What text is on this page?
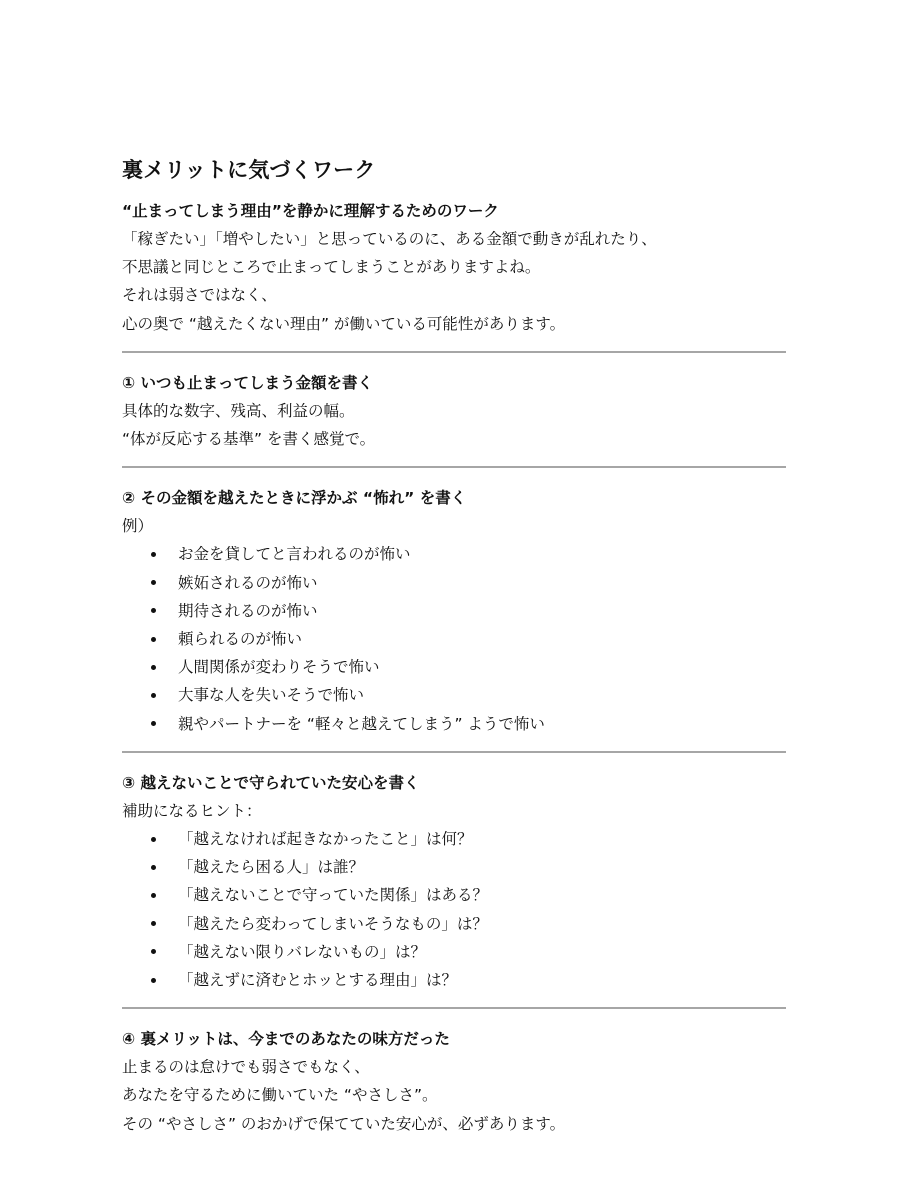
裏メリットに気づくワーク

“止まってしまう理由”を静かに理解するためのワーク

「稼ぎたい」「増やしたい」と思っているのに、ある金額で動きが乱れたり、

不思議と同じところで止まってしまうことがありますよね。

それは弱さではなく、

心の奥で “越えたくない理由” が働いている可能性があります。

① いつも止まってしまう金額を書く

具体的な数字、残高、利益の幅。

“体が反応する基準” を書く感覚で。

② その金額を越えたときに浮かぶ “怖れ” を書く

例）

お金を貸してと言われるのが怖い
嫉妬されるのが怖い
期待されるのが怖い
頼られるのが怖い
人間関係が変わりそうで怖い
大事な人を失いそうで怖い
親やパートナーを “軽々と越えてしまう” ようで怖い

③ 越えないことで守られていた安心を書く

補助になるヒント：

「越えなければ起きなかったこと」は何？
「越えたら困る人」は誰？
「越えないことで守っていた関係」はある？
「越えたら変わってしまいそうなもの」は？
「越えない限りバレないもの」は？
「越えずに済むとホッとする理由」は？

④ 裏メリットは、今までのあなたの味方だった

止まるのは怠けでも弱さでもなく、

あなたを守るために働いていた “やさしさ”。

その “やさしさ” のおかげで保てていた安心が、必ずあります。
